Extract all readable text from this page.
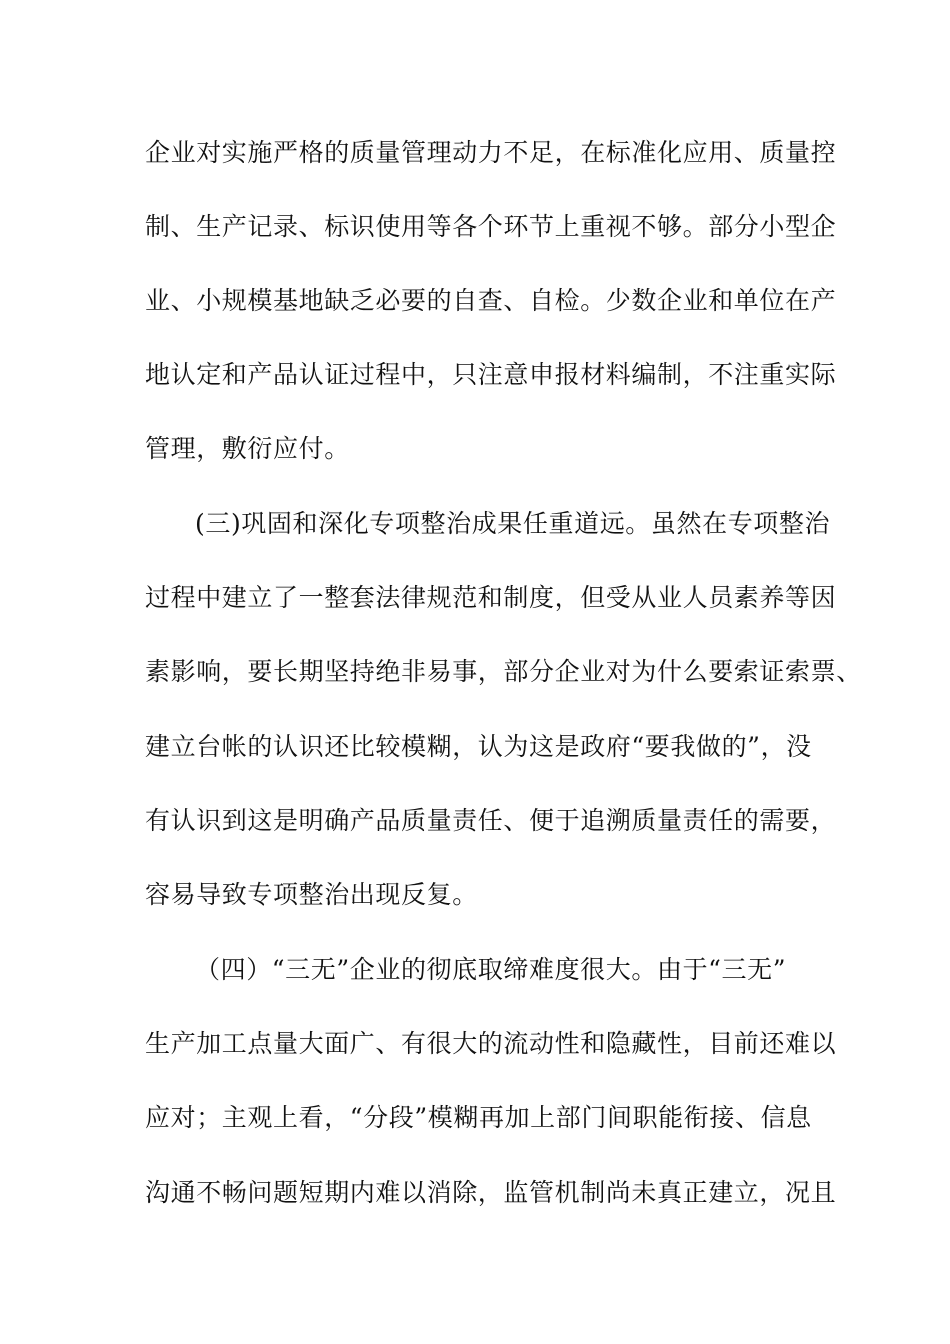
企业对实施严格的质量管理动力不足，在标准化应用、质量控
制、生产记录、标识使用等各个环节上重视不够。部分小型企
业、小规模基地缺乏必要的自查、自检。少数企业和单位在产
地认定和产品认证过程中，只注意申报材料编制，不注重实际
管理，敷衍应付。
(三)巩固和深化专项整治成果任重道远。虽然在专项整治
过程中建立了一整套法律规范和制度，但受从业人员素养等因
素影响，要长期坚持绝非易事，部分企业对为什么要索证索票、
建立台帐的认识还比较模糊，认为这是政府“要我做的”，没
有认识到这是明确产品质量责任、便于追溯质量责任的需要，
容易导致专项整治出现反复。
（四）“三无”企业的彻底取缔难度很大。由于“三无”
生产加工点量大面广、有很大的流动性和隐藏性，目前还难以
应对；主观上看，“分段”模糊再加上部门间职能衔接、信息
沟通不畅问题短期内难以消除，监管机制尚未真正建立，况且
